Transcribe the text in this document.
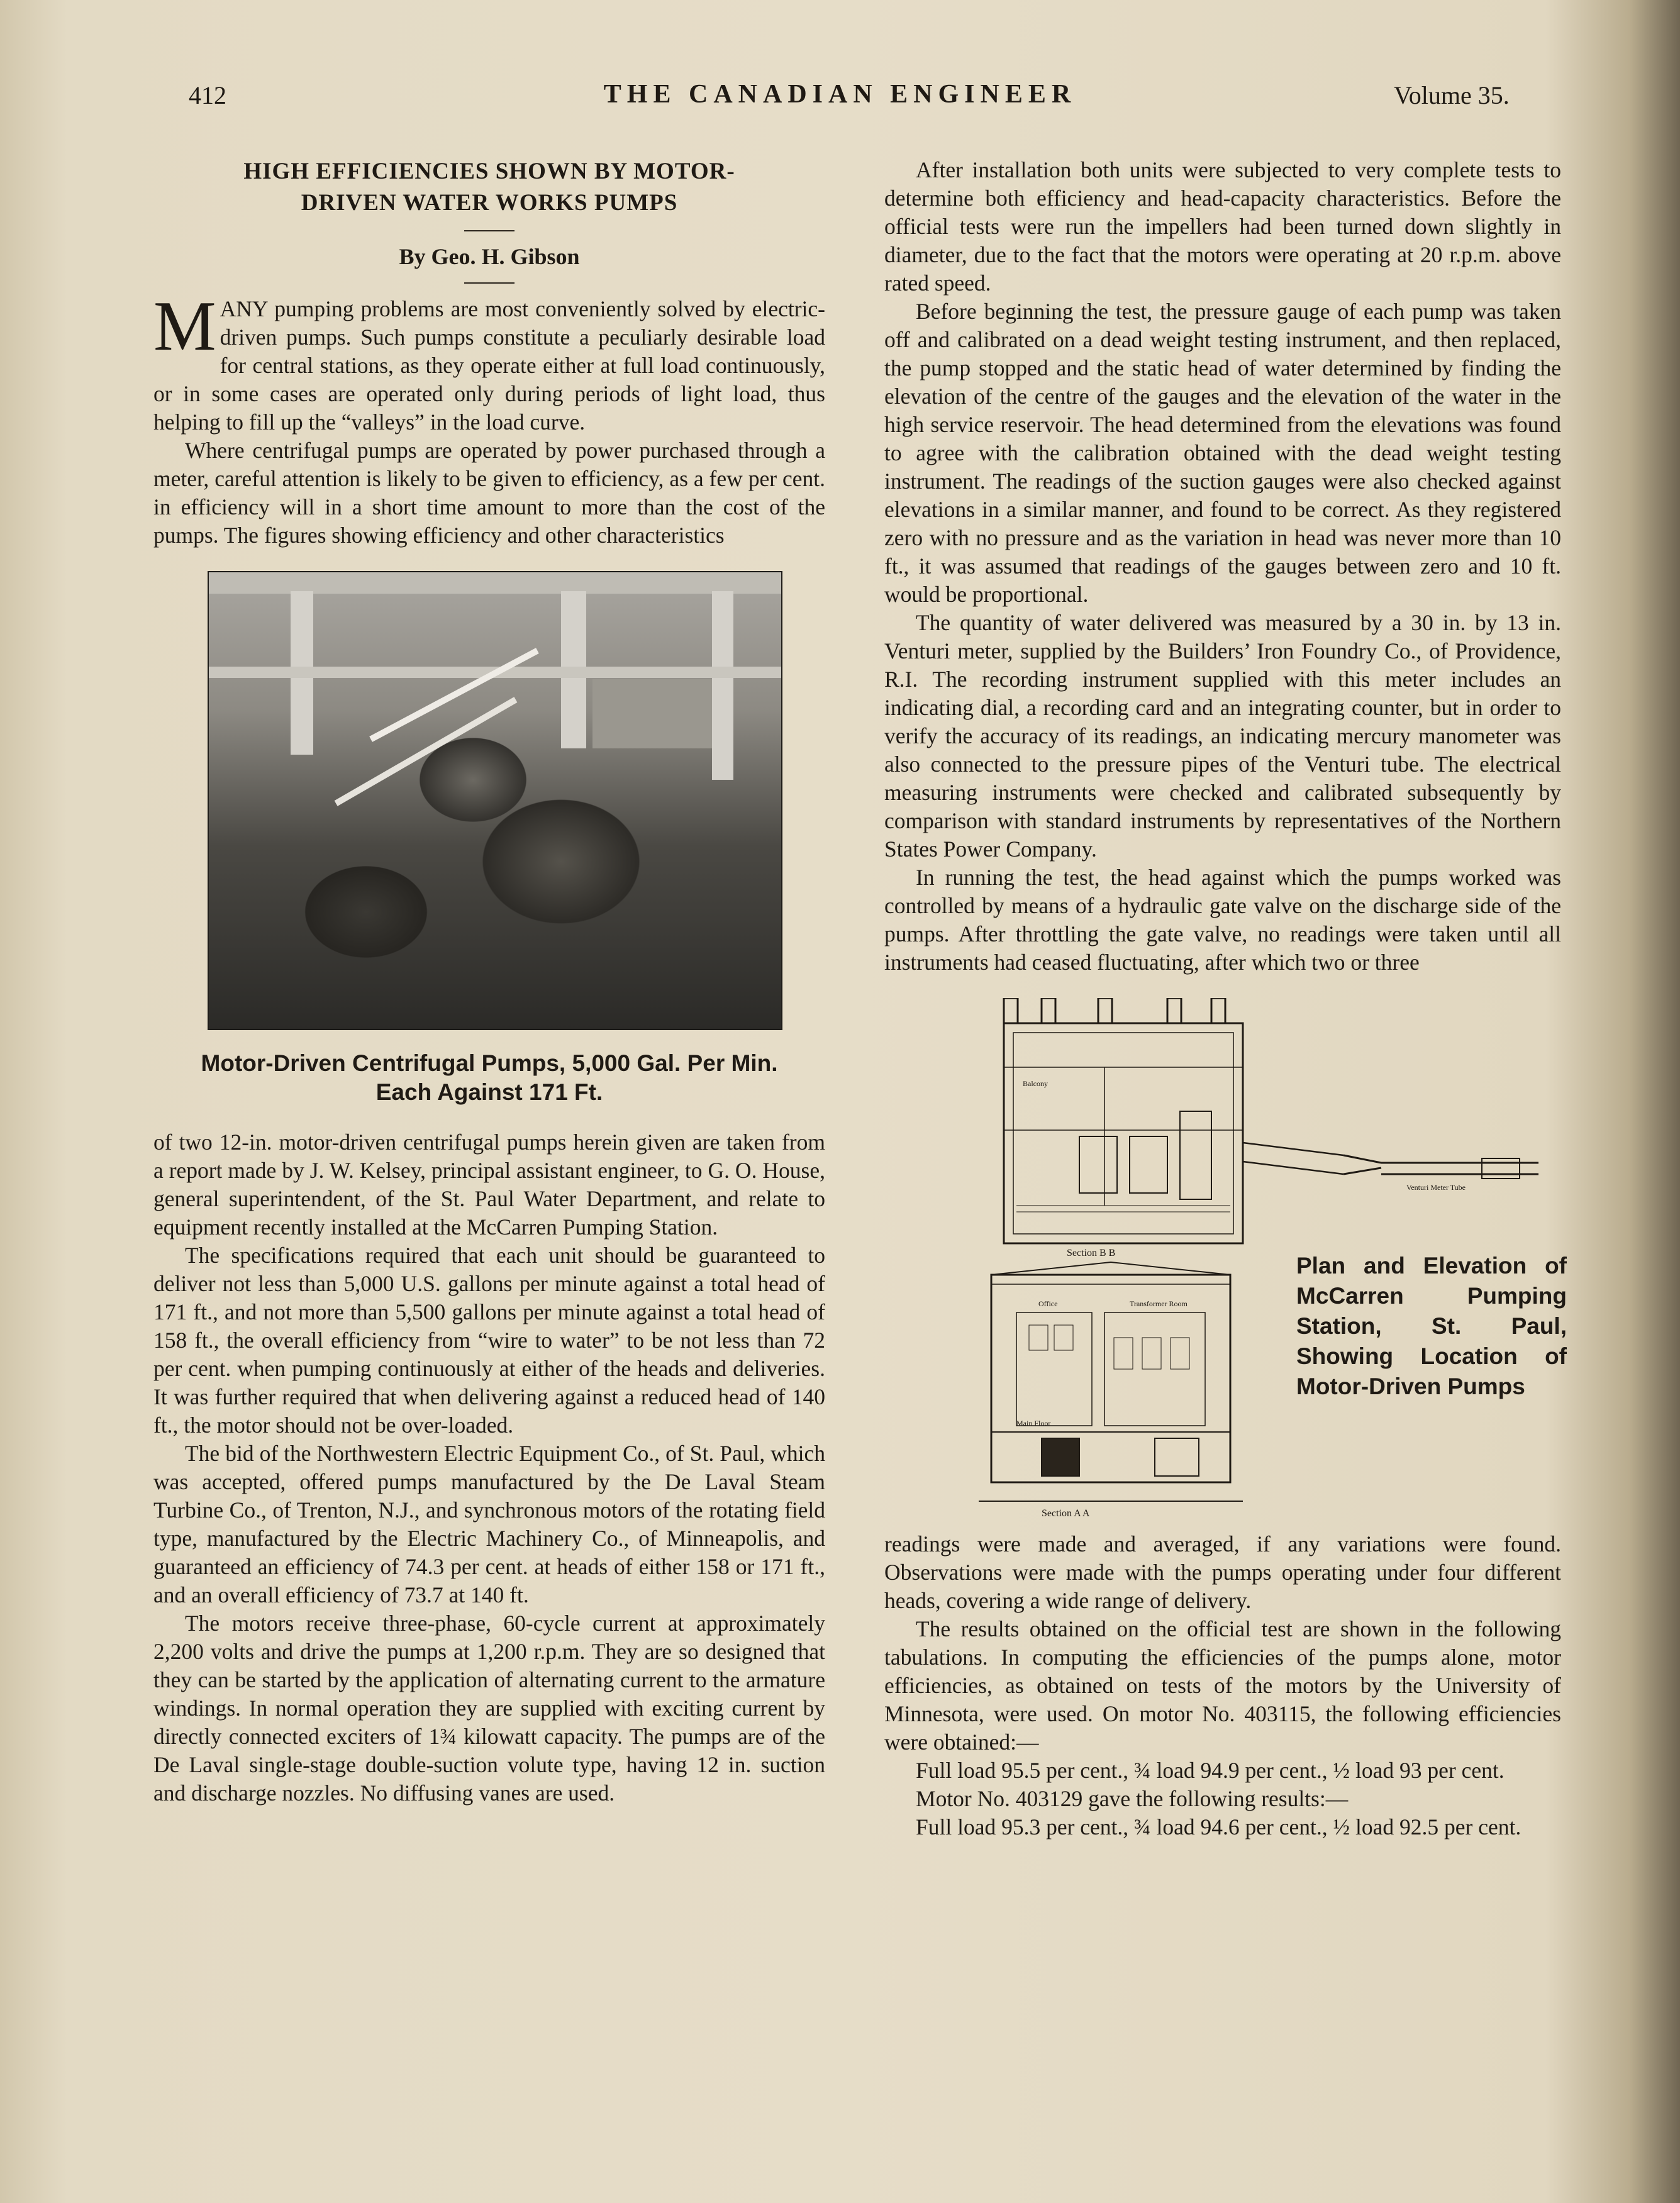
412	THE CANADIAN ENGINEER	Volume 35.
HIGH EFFICIENCIES SHOWN BY MOTOR-
DRIVEN WATER WORKS PUMPS
By Geo. H. Gibson

MANY pumping problems are most conveniently solved by electric-driven pumps. Such pumps constitute a peculiarly desirable load for central stations, as they operate either at full load continuously, or in some cases are operated only during periods of light load, thus helping to fill up the “valleys” in the load curve.

Where centrifugal pumps are operated by power purchased through a meter, careful attention is likely to be given to efficiency, as a few per cent. in efficiency will in a short time amount to more than the cost of the pumps. The figures showing efficiency and other characteristics

Motor-Driven Centrifugal Pumps, 5,000 Gal. Per Min.
Each Against 171 Ft.

of two 12-in. motor-driven centrifugal pumps herein given are taken from a report made by J. W. Kelsey, principal assistant engineer, to G. O. House, general superintendent, of the St. Paul Water Department, and relate to equipment recently installed at the McCarren Pumping Station.

The specifications required that each unit should be guaranteed to deliver not less than 5,000 U.S. gallons per minute against a total head of 171 ft., and not more than 5,500 gallons per minute against a total head of 158 ft., the overall efficiency from “wire to water” to be not less than 72 per cent. when pumping continuously at either of the heads and deliveries. It was further required that when delivering against a reduced head of 140 ft., the motor should not be over-loaded.

The bid of the Northwestern Electric Equipment Co., of St. Paul, which was accepted, offered pumps manufactured by the De Laval Steam Turbine Co., of Trenton, N.J., and synchronous motors of the rotating field type, manufactured by the Electric Machinery Co., of Minneapolis, and guaranteed an efficiency of 74.3 per cent. at heads of either 158 or 171 ft., and an overall efficiency of 73.7 at 140 ft.

The motors receive three-phase, 60-cycle current at approximately 2,200 volts and drive the pumps at 1,200 r.p.m. They are so designed that they can be started by the application of alternating current to the armature windings. In normal operation they are supplied with exciting current by directly connected exciters of 1¾ kilowatt capacity. The pumps are of the De Laval single-stage double-suction volute type, having 12 in. suction and discharge nozzles. No diffusing vanes are used.

After installation both units were subjected to very complete tests to determine both efficiency and head-capacity characteristics. Before the official tests were run the impellers had been turned down slightly in diameter, due to the fact that the motors were operating at 20 r.p.m. above rated speed.

Before beginning the test, the pressure gauge of each pump was taken off and calibrated on a dead weight testing instrument, and then replaced, the pump stopped and the static head of water determined by finding the elevation of the centre of the gauges and the elevation of the water in the high service reservoir. The head determined from the elevations was found to agree with the calibration obtained with the dead weight testing instrument. The readings of the suction gauges were also checked against elevations in a similar manner, and found to be correct. As they registered zero with no pressure and as the variation in head was never more than 10 ft., it was assumed that readings of the gauges between zero and 10 ft. would be proportional.

The quantity of water delivered was measured by a 30 in. by 13 in. Venturi meter, supplied by the Builders’ Iron Foundry Co., of Providence, R.I. The recording instrument supplied with this meter includes an indicating dial, a recording card and an integrating counter, but in order to verify the accuracy of its readings, an indicating mercury manometer was also connected to the pressure pipes of the Venturi tube. The electrical measuring instruments were checked and calibrated subsequently by comparison with standard instruments by representatives of the Northern States Power Company.

In running the test, the head against which the pumps worked was controlled by means of a hydraulic gate valve on the discharge side of the pumps. After throttling the gate valve, no readings were taken until all instruments had ceased fluctuating, after which two or three

Section B B
Section A A
Office	Transformer Room
Balcony
Venturi Meter Tube
Main Floor
Plan and Elevation of McCarren Pumping Station, St. Paul, Showing Location of Motor-Driven Pumps

readings were made and averaged, if any variations were found. Observations were made with the pumps operating under four different heads, covering a wide range of delivery.

The results obtained on the official test are shown in the following tabulations. In computing the efficiencies of the pumps alone, motor efficiencies, as obtained on tests of the motors by the University of Minnesota, were used. On motor No. 403115, the following efficiencies were obtained:—

Full load 95.5 per cent., ¾ load 94.9 per cent., ½ load 93 per cent.

Motor No. 403129 gave the following results:—

Full load 95.3 per cent., ¾ load 94.6 per cent., ½ load 92.5 per cent.
